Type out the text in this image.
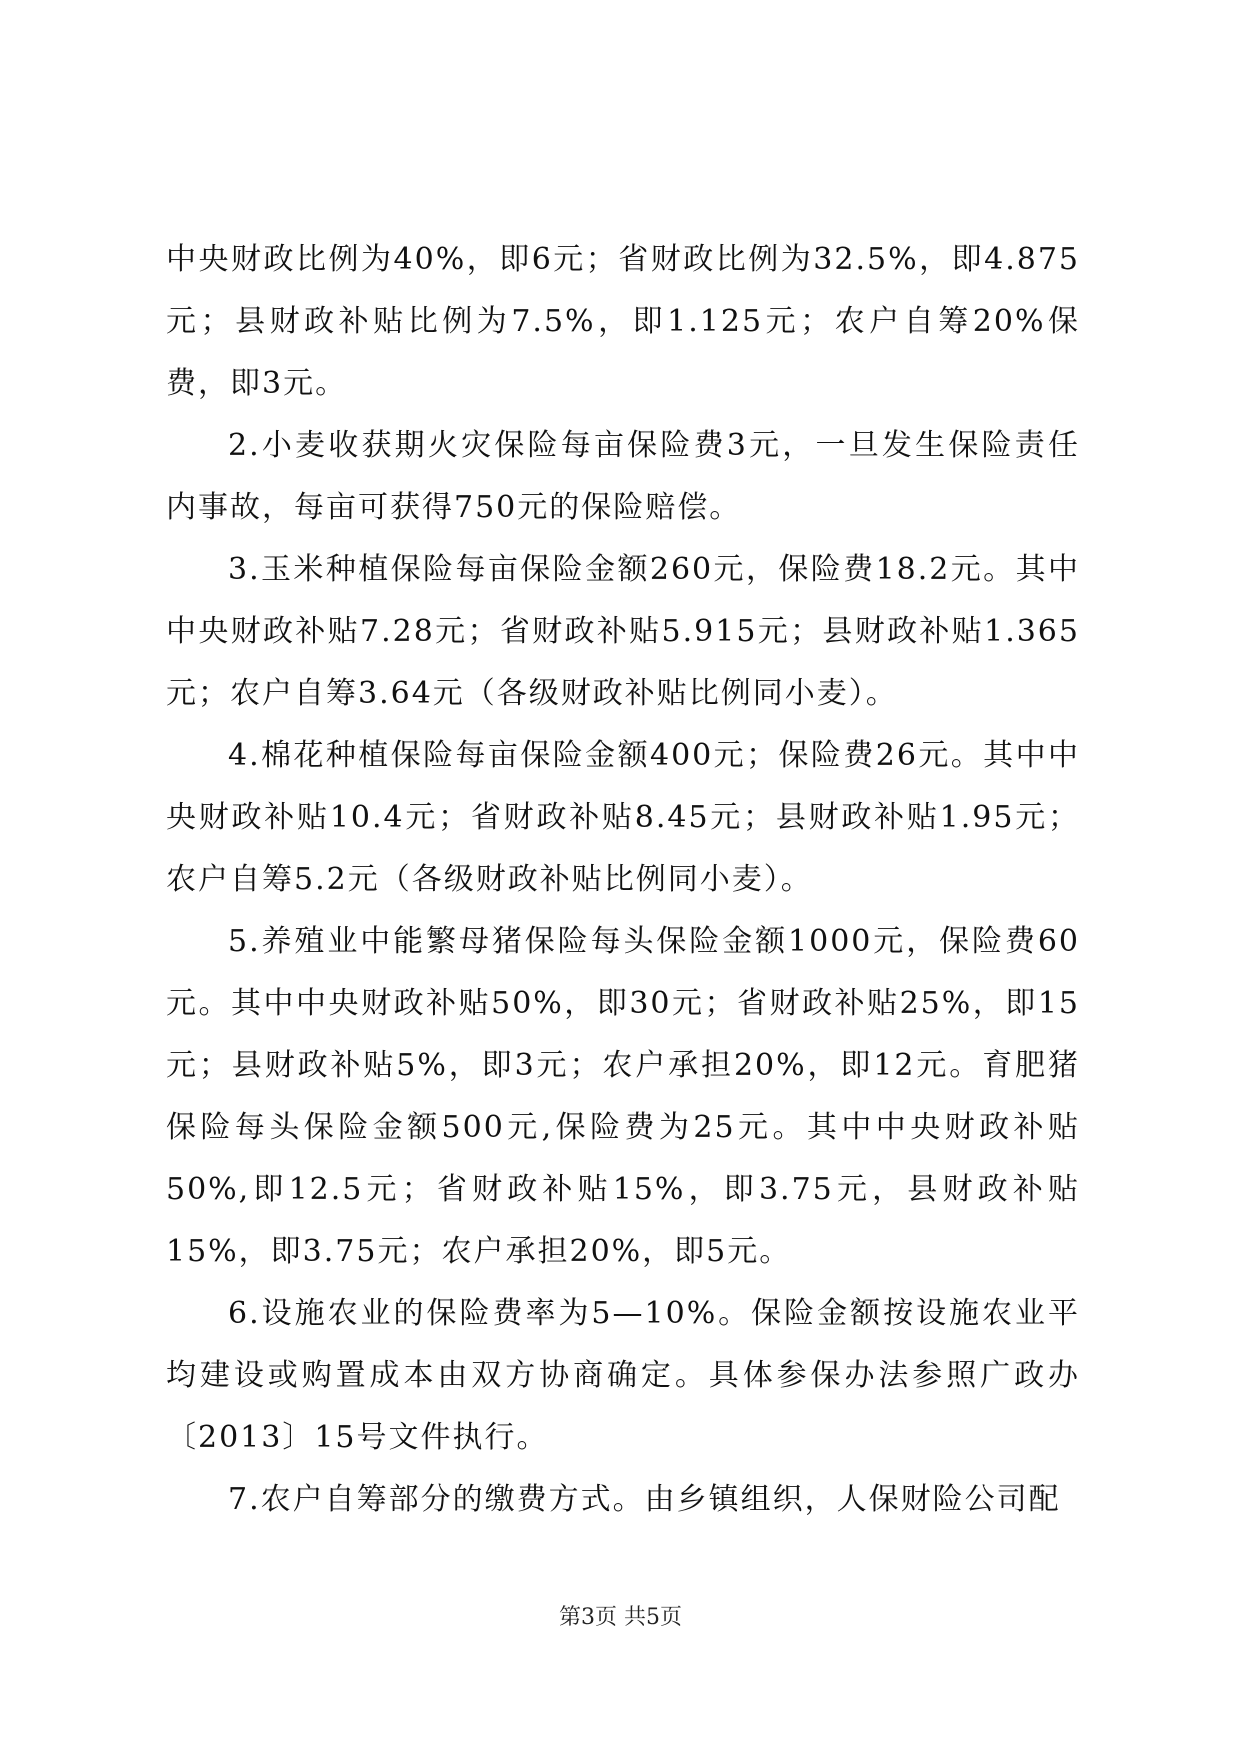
中央财政比例为40%，即6元；省财政比例为32.5%，即4.875元；县财政补贴比例为7.5%，即1.125元；农户自筹20%保费，即3元。

2.小麦收获期火灾保险每亩保险费3元，一旦发生保险责任内事故，每亩可获得750元的保险赔偿。

3.玉米种植保险每亩保险金额260元，保险费18.2元。其中中央财政补贴7.28元；省财政补贴5.915元；县财政补贴1.365元；农户自筹3.64元（各级财政补贴比例同小麦）。

4.棉花种植保险每亩保险金额400元；保险费26元。其中中央财政补贴10.4元；省财政补贴8.45元；县财政补贴1.95元；农户自筹5.2元（各级财政补贴比例同小麦）。

5.养殖业中能繁母猪保险每头保险金额1000元，保险费60元。其中中央财政补贴50%，即30元；省财政补贴25%，即15元；县财政补贴5%，即3元；农户承担20%，即12元。育肥猪保险每头保险金额500元,保险费为25元。其中中央财政补贴50%,即12.5元；省财政补贴15%，即3.75元，县财政补贴15%，即3.75元；农户承担20%，即5元。

6.设施农业的保险费率为5—10%。保险金额按设施农业平均建设或购置成本由双方协商确定。具体参保办法参照广政办〔2013〕15号文件执行。

7.农户自筹部分的缴费方式。由乡镇组织，人保财险公司配

第3页 共5页
